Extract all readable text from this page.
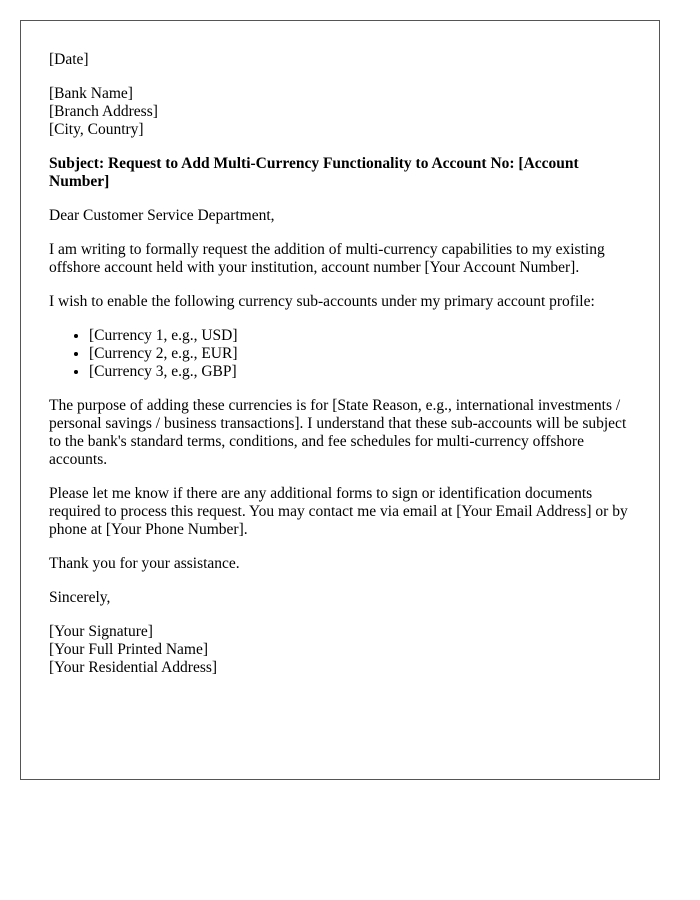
[Date]
[Bank Name]
[Branch Address]
[City, Country]
Subject: Request to Add Multi-Currency Functionality to Account No: [Account Number]
Dear Customer Service Department,
I am writing to formally request the addition of multi-currency capabilities to my existing offshore account held with your institution, account number [Your Account Number].
I wish to enable the following currency sub-accounts under my primary account profile:
• [Currency 1, e.g., USD]
• [Currency 2, e.g., EUR]
• [Currency 3, e.g., GBP]
The purpose of adding these currencies is for [State Reason, e.g., international investments / personal savings / business transactions]. I understand that these sub-accounts will be subject to the bank's standard terms, conditions, and fee schedules for multi-currency offshore accounts.
Please let me know if there are any additional forms to sign or identification documents required to process this request. You may contact me via email at [Your Email Address] or by phone at [Your Phone Number].
Thank you for your assistance.
Sincerely,
[Your Signature]
[Your Full Printed Name]
[Your Residential Address]
